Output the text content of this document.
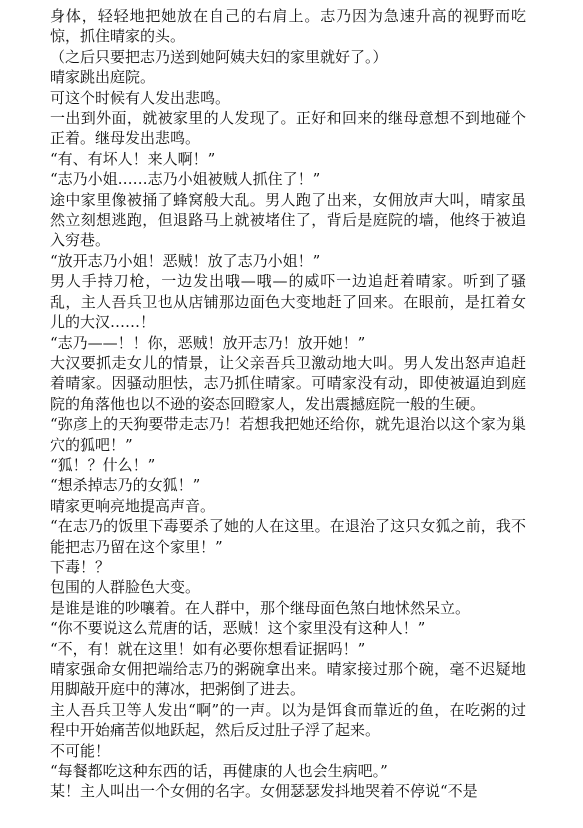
身体，轻轻地把她放在自己的右肩上。志乃因为急速升高的视野而吃惊，抓住晴家的头。

（之后只要把志乃送到她阿姨夫妇的家里就好了。）

晴家跳出庭院。

可这个时候有人发出悲鸣。

一出到外面，就被家里的人发现了。正好和回来的继母意想不到地碰个正着。继母发出悲鸣。

“有、有坏人！来人啊！”

“志乃小姐……志乃小姐被贼人抓住了！”

途中家里像被捅了蜂窝般大乱。男人跑了出来，女佣放声大叫，晴家虽然立刻想逃跑，但退路马上就被堵住了，背后是庭院的墙，他终于被追入穷巷。

“放开志乃小姐！恶贼！放了志乃小姐！”

男人手持刀枪，一边发出哦—哦—的威吓一边追赶着晴家。听到了骚乱，主人吾兵卫也从店铺那边面色大变地赶了回来。在眼前，是扛着女儿的大汉……！

“志乃——！！你，恶贼！放开志乃！放开她！”

大汉要抓走女儿的情景，让父亲吾兵卫激动地大叫。男人发出怒声追赶着晴家。因骚动胆怯，志乃抓住晴家。可晴家没有动，即使被逼迫到庭院的角落他也以不逊的姿态回瞪家人，发出震撼庭院一般的生硬。

“弥彦上的天狗要带走志乃！若想我把她还给你，就先退治以这个家为巢穴的狐吧！”

“狐！？什么！”

“想杀掉志乃的女狐！”

晴家更响亮地提高声音。

“在志乃的饭里下毒要杀了她的人在这里。在退治了这只女狐之前，我不能把志乃留在这个家里！”

下毒！？

包围的人群脸色大变。

是谁是谁的吵嚷着。在人群中，那个继母面色煞白地怵然呆立。

“你不要说这么荒唐的话，恶贼！这个家里没有这种人！”

“不，有！就在这里！如有必要你想看证据吗！”

晴家强命女佣把端给志乃的粥碗拿出来。晴家接过那个碗，毫不迟疑地用脚敲开庭中的薄冰，把粥倒了进去。

主人吾兵卫等人发出“啊”的一声。以为是饵食而靠近的鱼，在吃粥的过程中开始痛苦似地跃起，然后反过肚子浮了起来。

不可能！

“每餐都吃这种东西的话，再健康的人也会生病吧。”

某！主人叫出一个女佣的名字。女佣瑟瑟发抖地哭着不停说“不是
